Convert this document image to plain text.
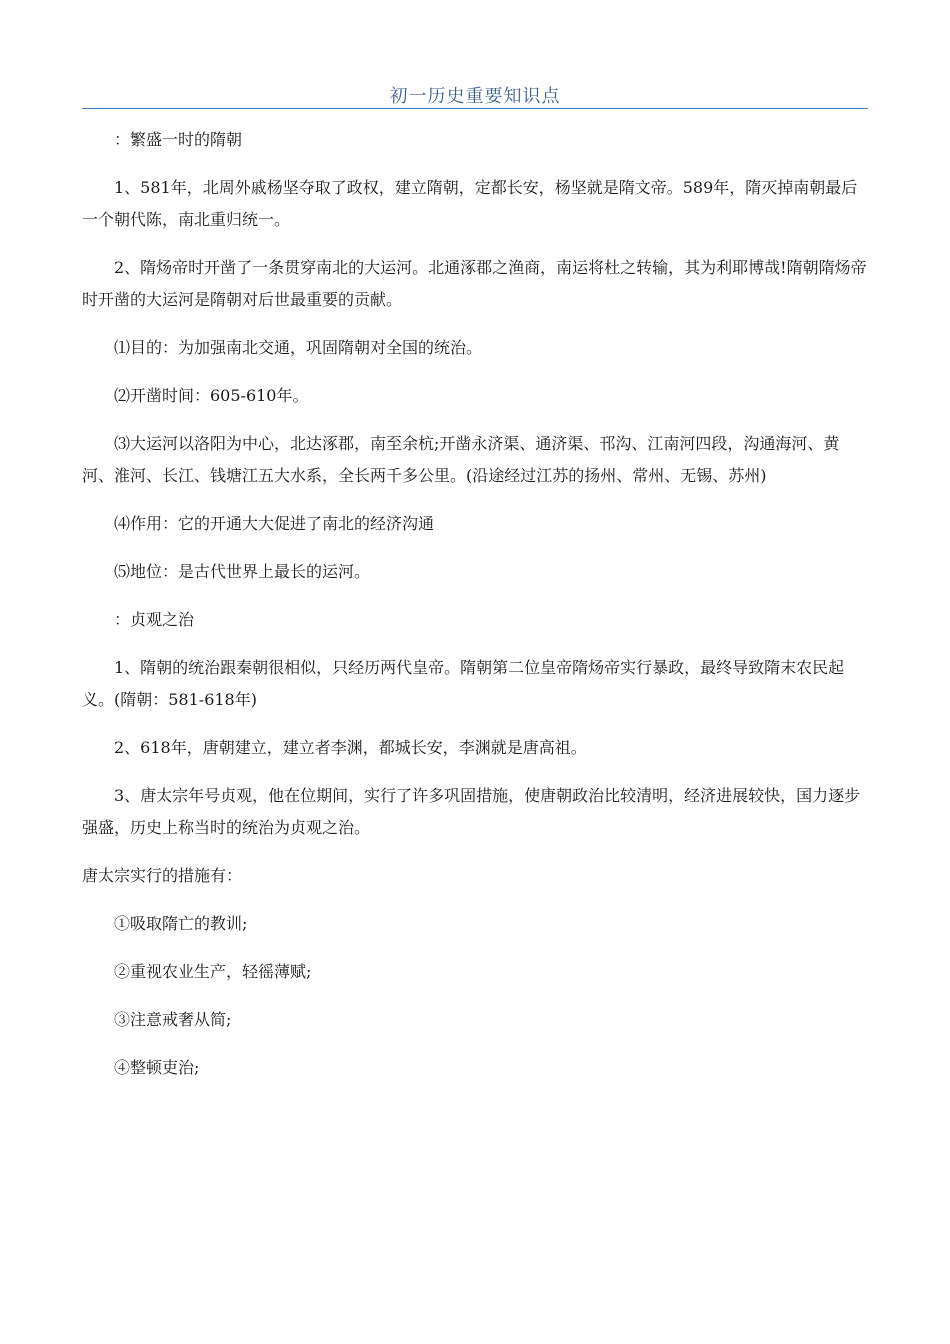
初一历史重要知识点

：繁盛一时的隋朝

1、581年，北周外戚杨坚夺取了政权，建立隋朝，定都长安，杨坚就是隋文帝。589年，隋灭掉南朝最后一个朝代陈，南北重归统一。

2、隋炀帝时开凿了一条贯穿南北的大运河。北通涿郡之渔商，南运将杜之转输，其为利耶博哉!隋朝隋炀帝时开凿的大运河是隋朝对后世最重要的贡献。

⑴目的：为加强南北交通，巩固隋朝对全国的统治。

⑵开凿时间：605-610年。

⑶大运河以洛阳为中心，北达涿郡，南至余杭;开凿永济渠、通济渠、邗沟、江南河四段，沟通海河、黄河、淮河、长江、钱塘江五大水系，全长两千多公里。(沿途经过江苏的扬州、常州、无锡、苏州)

⑷作用：它的开通大大促进了南北的经济沟通

⑸地位：是古代世界上最长的运河。

：贞观之治

1、隋朝的统治跟秦朝很相似，只经历两代皇帝。隋朝第二位皇帝隋炀帝实行暴政，最终导致隋末农民起义。(隋朝：581-618年)

2、618年，唐朝建立，建立者李渊，都城长安，李渊就是唐高祖。

3、唐太宗年号贞观，他在位期间，实行了许多巩固措施，使唐朝政治比较清明，经济进展较快，国力逐步强盛，历史上称当时的统治为贞观之治。

唐太宗实行的措施有：

①吸取隋亡的教训;

②重视农业生产，轻徭薄赋;

③注意戒奢从简;

④整顿吏治;
